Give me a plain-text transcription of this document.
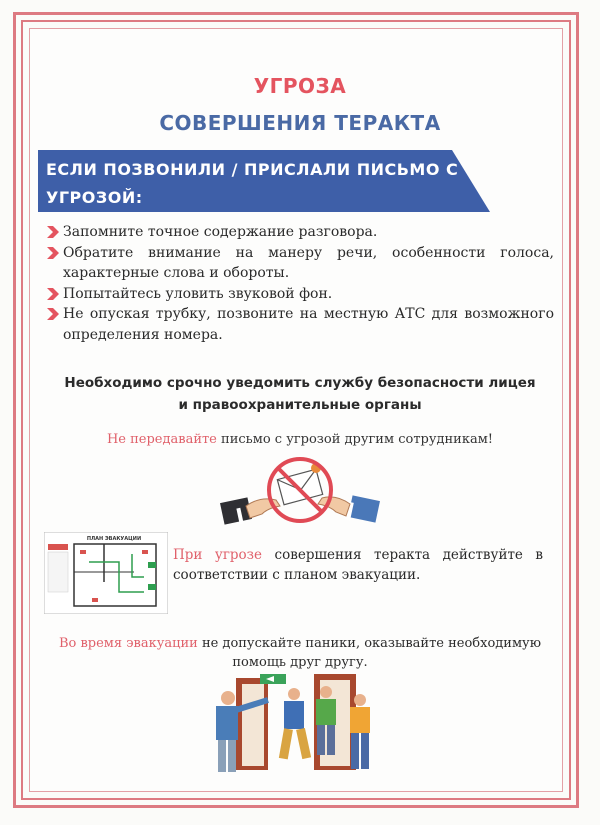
УГРОЗА
СОВЕРШЕНИЯ ТЕРАКТА
ЕСЛИ ПОЗВОНИЛИ / ПРИСЛАЛИ ПИСЬМО С
УГРОЗОЙ:
Запомните точное содержание разговора.
Обратите внимание на манеру речи, особенности голоса, характерные слова и обороты.
Попытайтесь уловить звуковой фон.
Не опуская трубку, позвоните на местную АТС для возможного определения номера.
Необходимо срочно уведомить службу безопасности лицея
и правоохранительные органы
Не передавайте письмо с угрозой другим сотрудникам!
ПЛАН ЭВАКУАЦИИ
При угрозе совершения теракта действуйте в соответствии с планом эвакуации.
Во время эвакуации не допускайте паники, оказывайте необходимую помощь друг другу.
